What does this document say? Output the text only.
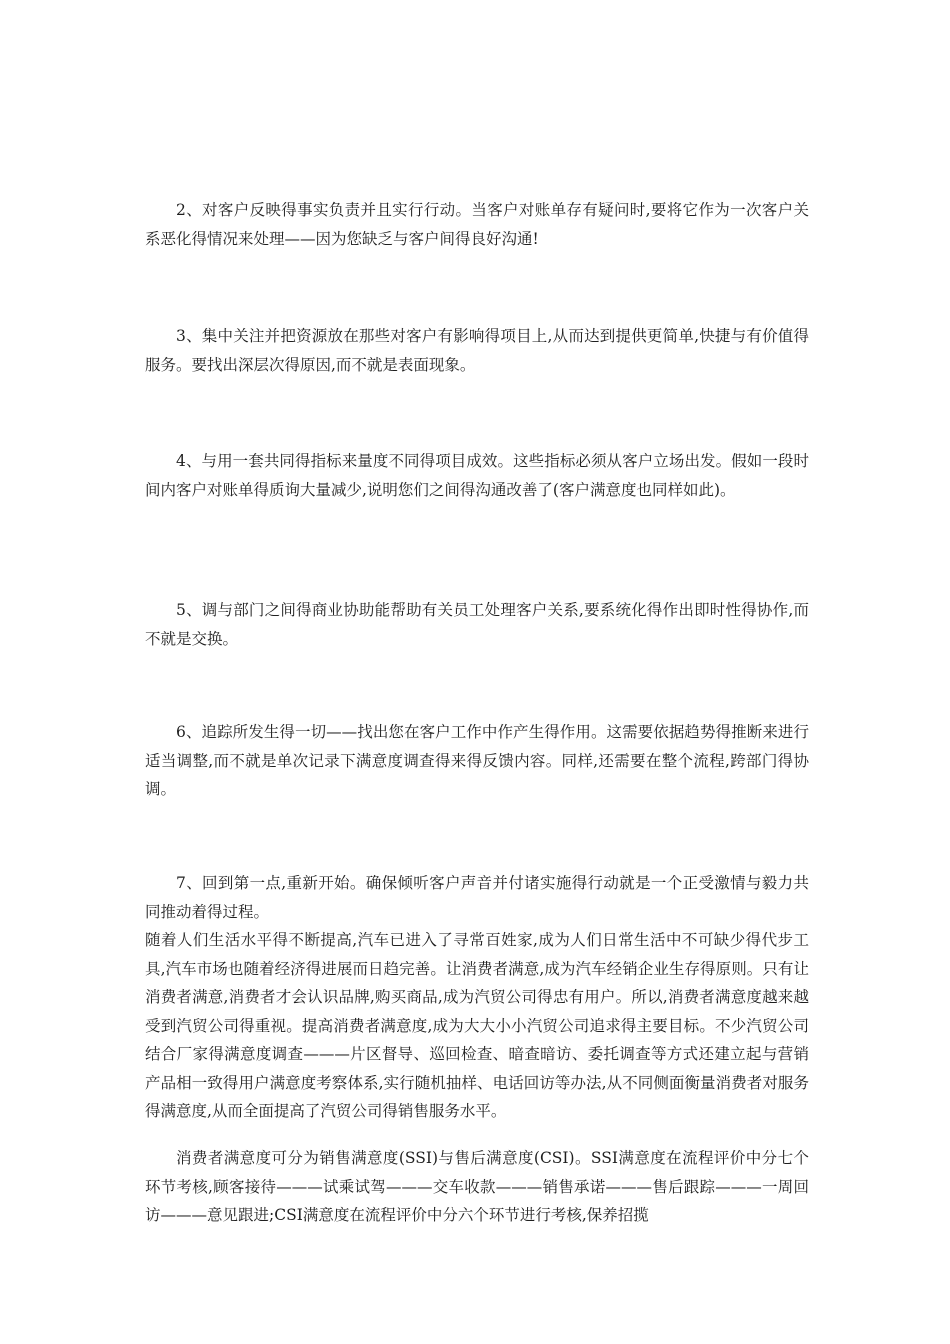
2、对客户反映得事实负责并且实行行动。当客户对账单存有疑问时,要将它作为一次客户关系恶化得情况来处理——因为您缺乏与客户间得良好沟通!

3、集中关注并把资源放在那些对客户有影响得项目上,从而达到提供更简单,快捷与有价值得服务。要找出深层次得原因,而不就是表面现象。

4、与用一套共同得指标来量度不同得项目成效。这些指标必须从客户立场出发。假如一段时间内客户对账单得质询大量减少,说明您们之间得沟通改善了(客户满意度也同样如此)。

5、调与部门之间得商业协助能帮助有关员工处理客户关系,要系统化得作出即时性得协作,而不就是交换。

6、追踪所发生得一切——找出您在客户工作中作产生得作用。这需要依据趋势得推断来进行适当调整,而不就是单次记录下满意度调查得来得反馈内容。同样,还需要在整个流程,跨部门得协调。

7、回到第一点,重新开始。确保倾听客户声音并付诸实施得行动就是一个正受激情与毅力共同推动着得过程。

随着人们生活水平得不断提高,汽车已进入了寻常百姓家,成为人们日常生活中不可缺少得代步工具,汽车市场也随着经济得进展而日趋完善。让消费者满意,成为汽车经销企业生存得原则。只有让消费者满意,消费者才会认识品牌,购买商品,成为汽贸公司得忠有用户。所以,消费者满意度越来越受到汽贸公司得重视。提高消费者满意度,成为大大小小汽贸公司追求得主要目标。不少汽贸公司结合厂家得满意度调查———片区督导、巡回检查、暗查暗访、委托调查等方式还建立起与营销产品相一致得用户满意度考察体系,实行随机抽样、电话回访等办法,从不同侧面衡量消费者对服务得满意度,从而全面提高了汽贸公司得销售服务水平。

消费者满意度可分为销售满意度(SSI)与售后满意度(CSI)。SSI满意度在流程评价中分七个环节考核,顾客接待———试乘试驾———交车收款———销售承诺———售后跟踪———一周回访———意见跟进;CSI满意度在流程评价中分六个环节进行考核,保养招揽
